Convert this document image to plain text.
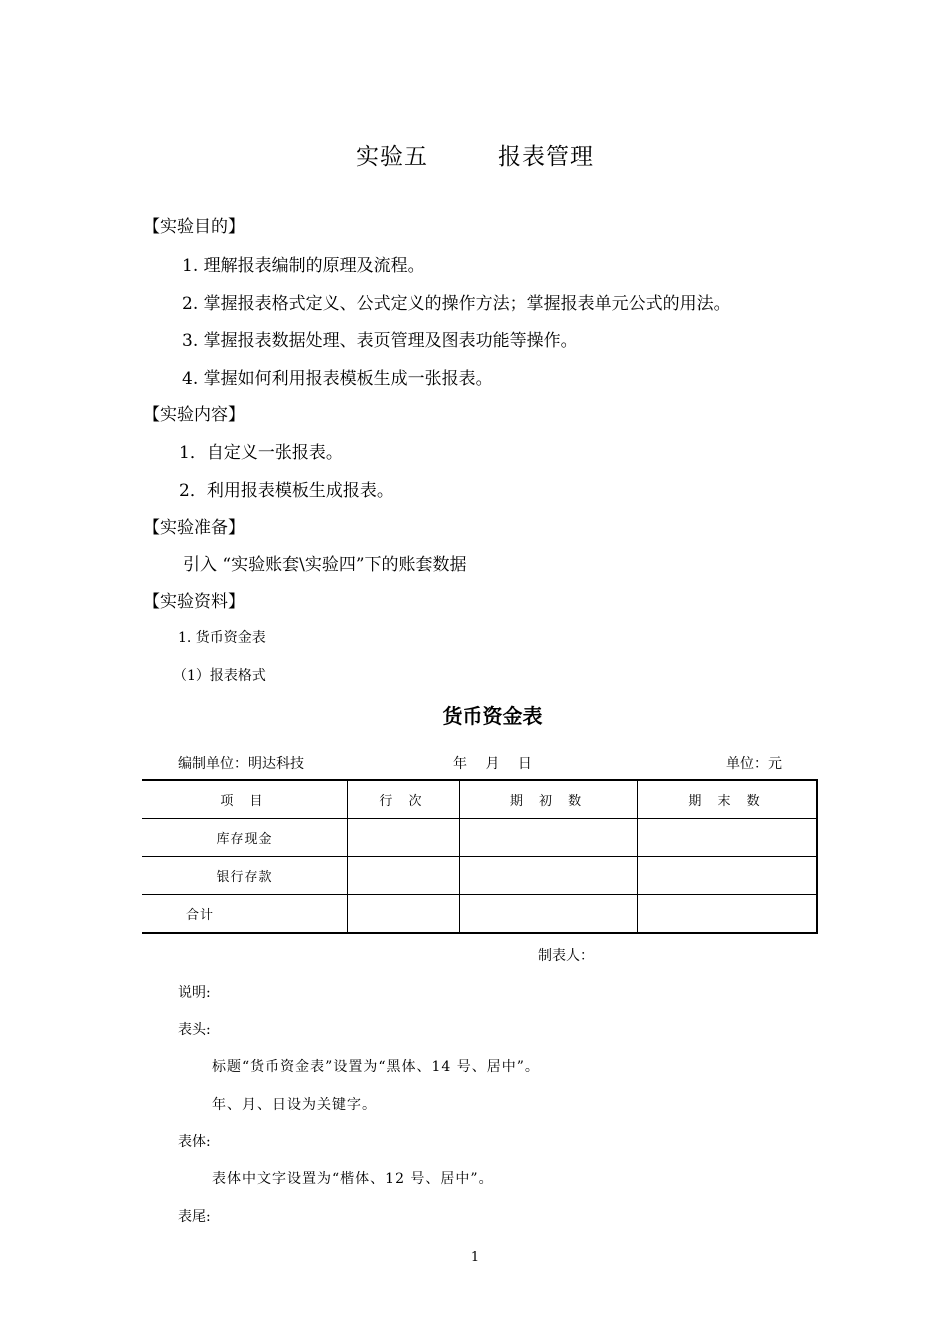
实验五	报表管理
【实验目的】
1. 理解报表编制的原理及流程。
2. 掌握报表格式定义、公式定义的操作方法；掌握报表单元公式的用法。
3. 掌握报表数据处理、表页管理及图表功能等操作。
4. 掌握如何利用报表模板生成一张报表。
【实验内容】
1．自定义一张报表。
2．利用报表模板生成报表。
【实验准备】
引入 “实验账套\实验四”下的账套数据
【实验资料】
1. 货币资金表
（1）报表格式
货币资金表
编制单位：明达科技	年　 月　 日	单位：元
项 目	行 次	期 初 数	期 末 数
库存现金			
银行存款			
合计			
制表人：
说明:
表头:
标题“货币资金表”设置为“黑体、14 号、居中”。
年、月、日设为关键字。
表体:
表体中文字设置为“楷体、12 号、居中”。
表尾:
1
